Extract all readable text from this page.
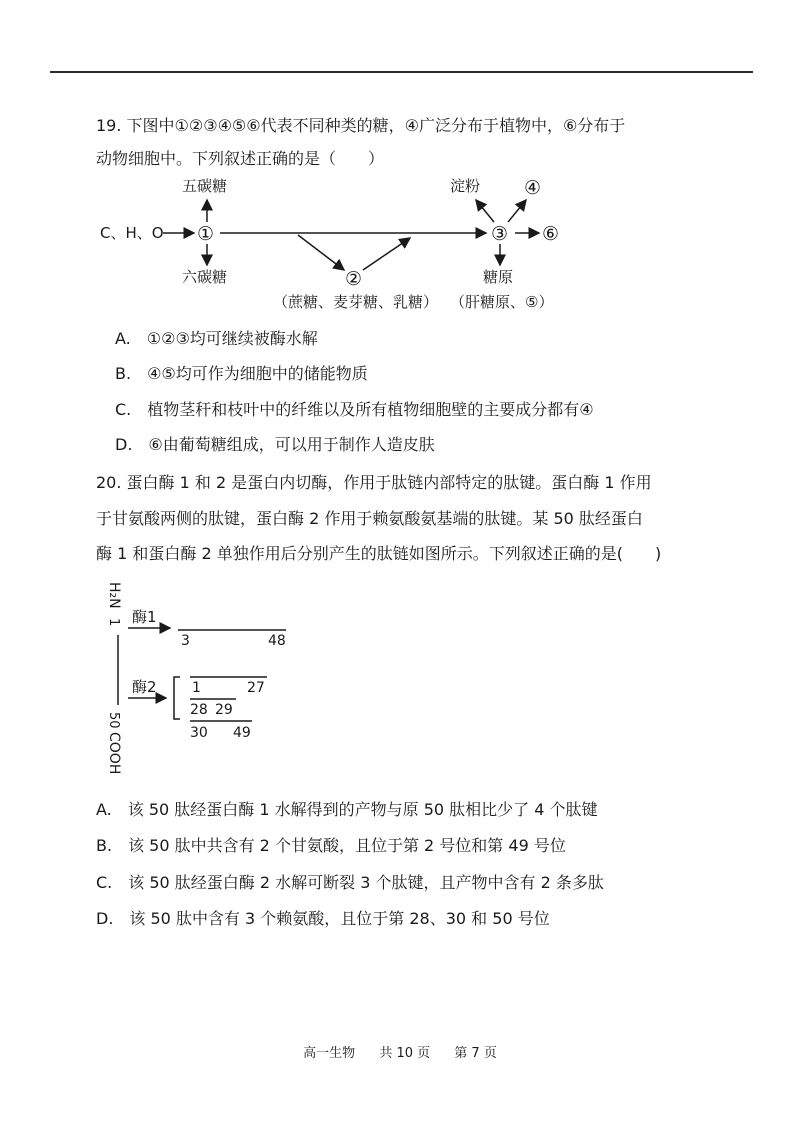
19. 下图中①②③④⑤⑥代表不同种类的糖，④广泛分布于植物中，⑥分布于
动物细胞中。下列叙述正确的是（　　）
C、H、O ①
五碳糖
六碳糖	②
（蔗糖、麦芽糖、乳糖）
③
淀粉 ④
⑥
糖原
（肝糖原、⑤）
A.　①②③均可继续被酶水解
B.　④⑤均可作为细胞中的储能物质
C.　植物茎秆和枝叶中的纤维以及所有植物细胞壁的主要成分都有④
D.　⑥由葡萄糖组成，可以用于制作人造皮肤
20. 蛋白酶 1 和 2 是蛋白内切酶，作用于肽链内部特定的肽键。蛋白酶 1 作用
于甘氨酸两侧的肽键，蛋白酶 2 作用于赖氨酸氨基端的肽键。某 50 肽经蛋白
酶 1 和蛋白酶 2 单独作用后分别产生的肽链如图所示。下列叙述正确的是(　　)
H₂N
1
50
COOH
酶1
3	48
酶2	1	27
28 29
30 49
A.　该 50 肽经蛋白酶 1 水解得到的产物与原 50 肽相比少了 4 个肽键
B.　该 50 肽中共含有 2 个甘氨酸，且位于第 2 号位和第 49 号位
C.　该 50 肽经蛋白酶 2 水解可断裂 3 个肽键，且产物中含有 2 条多肽
D.　该 50 肽中含有 3 个赖氨酸，且位于第 28、30 和 50 号位
高一生物 共 10 页 第 7 页
